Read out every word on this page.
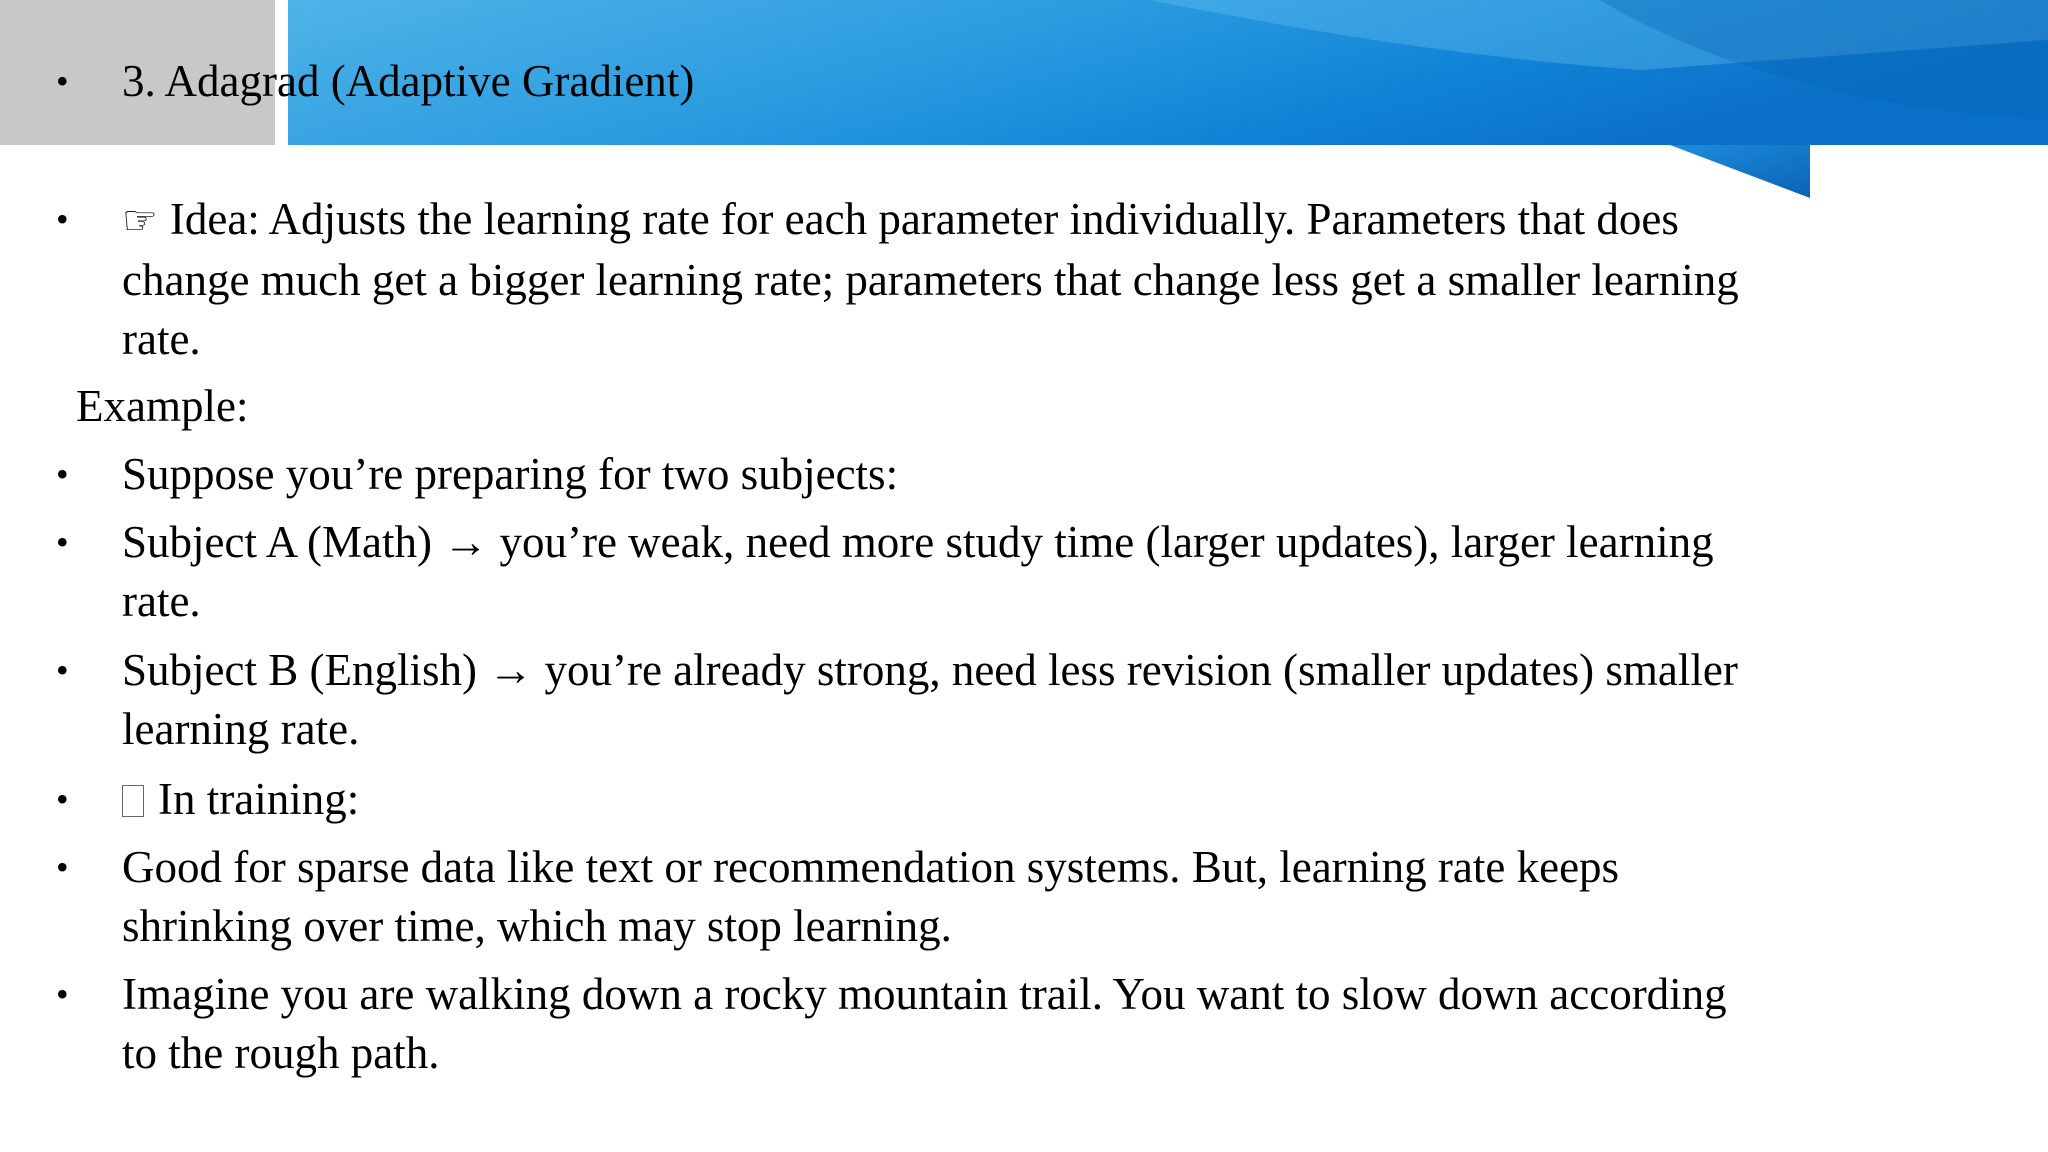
• 3. Adagrad (Adaptive Gradient)
• ☞ Idea: Adjusts the learning rate for each parameter individually. Parameters that does
change much get a bigger learning rate; parameters that change less get a smaller learning
rate.
Example:
• Suppose you’re preparing for two subjects:
• Subject A (Math) → you’re weak, need more study time (larger updates), larger learning
rate.
• Subject B (English) → you’re already strong, need less revision (smaller updates) smaller
learning rate.
•	In training:
• Good for sparse data like text or recommendation systems. But, learning rate keeps
shrinking over time, which may stop learning.
• Imagine you are walking down a rocky mountain trail. You want to slow down according
to the rough path.
